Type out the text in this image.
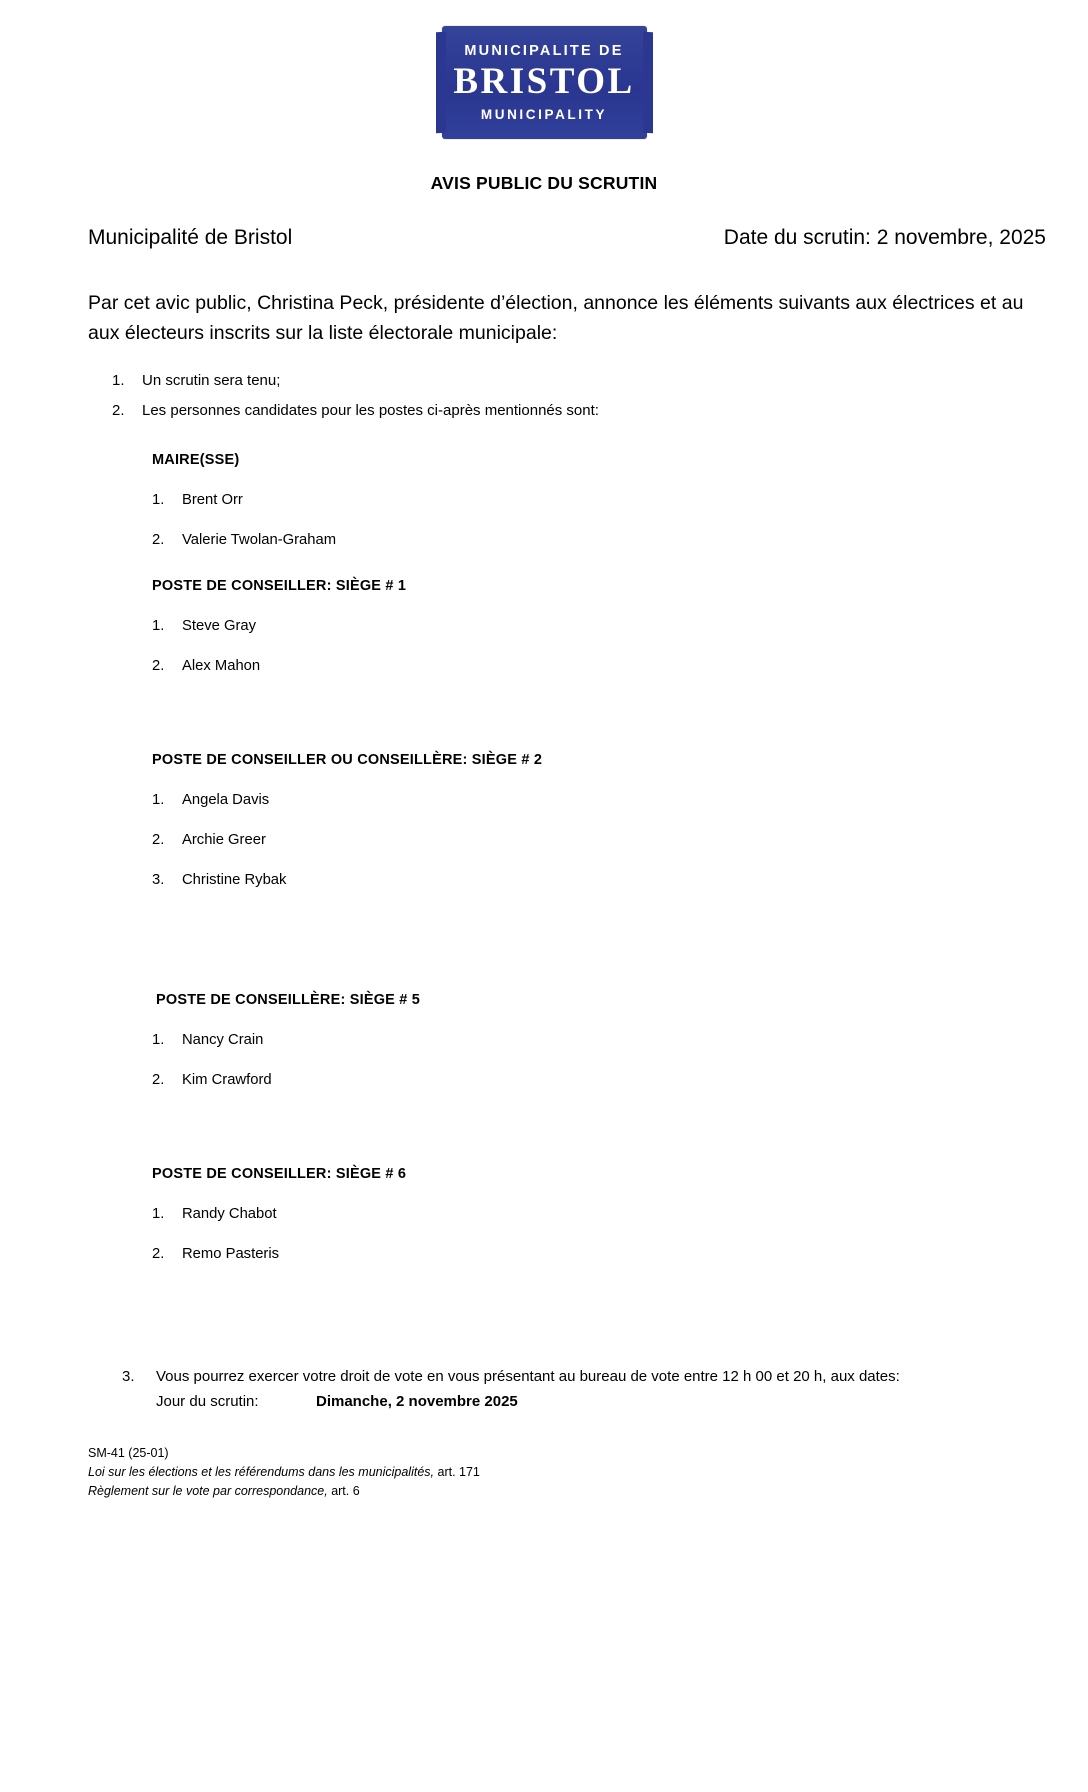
MUNICIPALITE DE
BRISTOL
MUNICIPALITY
AVIS PUBLIC DU SCRUTIN
Municipalité de Bristol	Date du scrutin: 2 novembre, 2025
Par cet avic public, Christina Peck, présidente d’élection, annonce les éléments suivants aux électrices et au aux électeurs inscrits sur la liste électorale municipale:
1.	Un scrutin sera tenu;
2.	Les personnes candidates pour les postes ci-après mentionnés sont:
MAIRE(SSE)
1.	Brent Orr
2.	Valerie Twolan-Graham
POSTE DE CONSEILLER: SIÈGE # 1
1.	Steve Gray
2.	Alex Mahon
POSTE DE CONSEILLER OU CONSEILLÈRE: SIÈGE # 2
1.	Angela Davis
2.	Archie Greer
3.	Christine Rybak
POSTE DE CONSEILLÈRE: SIÈGE # 5
1.	Nancy Crain
2.	Kim Crawford
POSTE DE CONSEILLER: SIÈGE # 6
1.	Randy Chabot
2.	Remo Pasteris
3.	Vous pourrez exercer votre droit de vote en vous présentant au bureau de vote entre 12 h 00 et 20 h, aux dates:
Jour du scrutin:	Dimanche, 2 novembre 2025
SM-41 (25-01)
Loi sur les élections et les référendums dans les municipalités, art. 171
Règlement sur le vote par correspondance, art. 6
